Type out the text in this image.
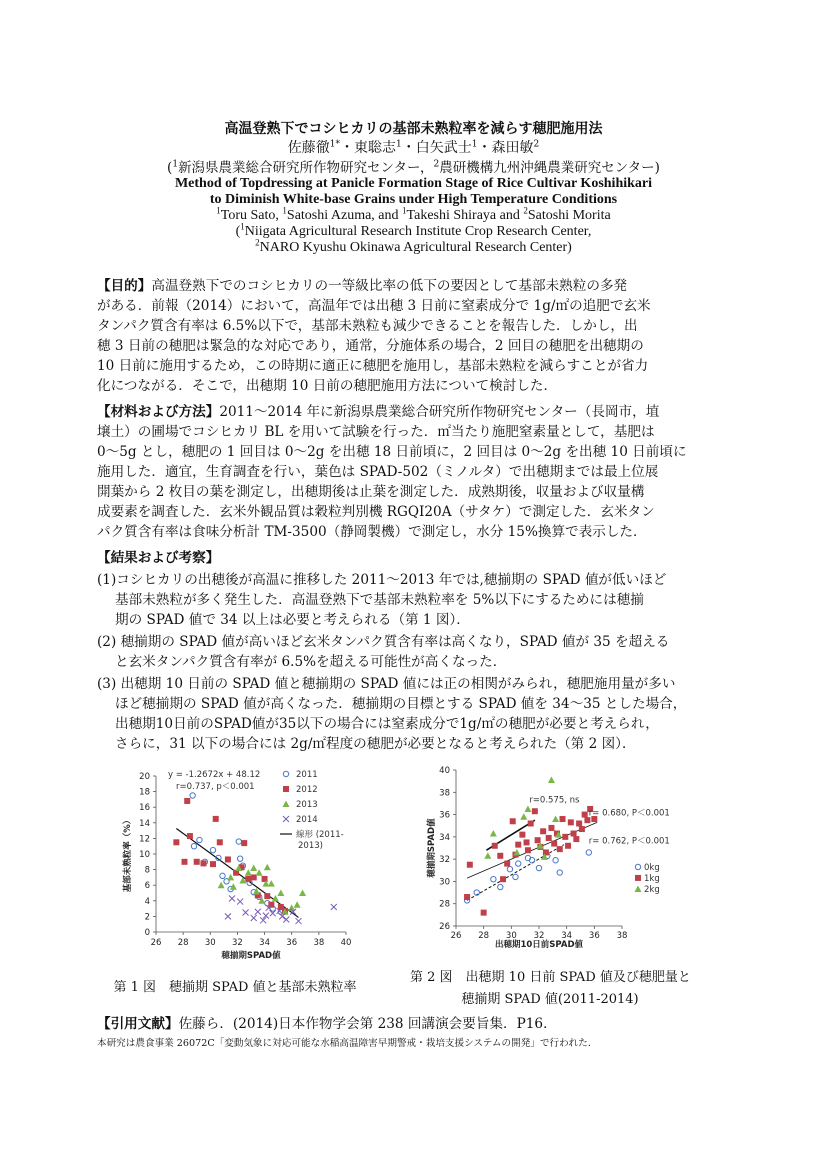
高温登熟下でコシヒカリの基部未熟粒率を減らす穂肥施用法
佐藤徹$^{1*}$・東聡志$^1$・白矢武士$^1$・森田敏$^2$
($^1$新潟県農業総合研究所作物研究センター，$^2$農研機構九州沖縄農業研究センター)
Method of Topdressing at Panicle Formation Stage of Rice Cultivar Koshihikari
to Diminish White-base Grains under High Temperature Conditions
$^1$Toru Sato, $^1$Satoshi Azuma, and $^1$Takeshi Shiraya and $^2$Satoshi Morita
($^1$Niigata Agricultural Research Institute Crop Research Center,
$^2$NARO Kyushu Okinawa Agricultural Research Center)
【目的】高温登熟下でのコシヒカリの一等級比率の低下の要因として基部未熟粒の多発
がある．前報（2014）において，高温年では出穂 3 日前に窒素成分で 1g/㎡の追肥で玄米
タンパク質含有率は 6.5%以下で，基部未熟粒も減少できることを報告した．しかし，出
穂 3 日前の穂肥は緊急的な対応であり，通常，分施体系の場合，2 回目の穂肥を出穂期の
10 日前に施用するため，この時期に適正に穂肥を施用し，基部未熟粒を減らすことが省力
化につながる．そこで，出穂期 10 日前の穂肥施用方法について検討した．
【材料および方法】2011～2014 年に新潟県農業総合研究所作物研究センター（長岡市，埴
壌土）の圃場でコシヒカリ BL を用いて試験を行った．㎡当たり施肥窒素量として，基肥は
0～5g とし，穂肥の 1 回目は 0～2g を出穂 18 日前頃に，2 回目は 0～2g を出穂 10 日前頃に
施用した．適宜，生育調査を行い，葉色は SPAD-502（ミノルタ）で出穂期までは最上位展
開葉から 2 枚目の葉を測定し，出穂期後は止葉を測定した．成熟期後，収量および収量構
成要素を調査した．玄米外観品質は穀粒判別機 RGQI20A（サタケ）で測定した．玄米タン
パク質含有率は食味分析計 TM-3500（静岡製機）で測定し，水分 15%換算で表示した．
【結果および考察】
(1)コシヒカリの出穂後が高温に推移した 2011～2013 年では,穂揃期の SPAD 値が低いほど
基部未熟粒が多く発生した．高温登熟下で基部未熟粒率を 5%以下にするためには穂揃
期の SPAD 値で 34 以上は必要と考えられる（第 1 図）．
(2) 穂揃期の SPAD 値が高いほど玄米タンパク質含有率は高くなり，SPAD 値が 35 を超える
と玄米タンパク質含有率が 6.5%を超える可能性が高くなった．
(3) 出穂期 10 日前の SPAD 値と穂揃期の SPAD 値には正の相関がみられ，穂肥施用量が多い
ほど穂揃期の SPAD 値が高くなった．穂揃期の目標とする SPAD 値を 34～35 とした場合，
出穂期10日前のSPAD値が35以下の場合には窒素成分で1g/㎡の穂肥が必要と考えられ，
さらに，31 以下の場合には 2g/㎡程度の穂肥が必要となると考えられた（第 2 図）．
0
2
4
6
8
10
12
14
16
18
20
26 28 30 32 34 36 38 40
穂揃期SPAD値
基部未熟粒率（%）
y = -1.2672x + 48.12
r=0.737, p＜0.001
2011
2012
2013
2014
線形 (2011-
2013)
第 1 図　穂揃期 SPAD 値と基部未熟粒率
26
28
30
32
34
36
38
40
26 28 30 32 34 36 38
出穂期10日前SPAD値
穂揃期SPAD値
r=0.575, ns
r= 0.680, P＜0.001
r= 0.762, P＜0.001
0kg
1kg
2kg
第 2 図　出穂期 10 日前 SPAD 値及び穂肥量と
穂揃期 SPAD 値(2011-2014)
【引用文献】佐藤ら．(2014)日本作物学会第 238 回講演会要旨集．P16．
本研究は農食事業 26072C「変動気象に対応可能な水稲高温障害早期警戒・栽培支援システムの開発」で行われた．
